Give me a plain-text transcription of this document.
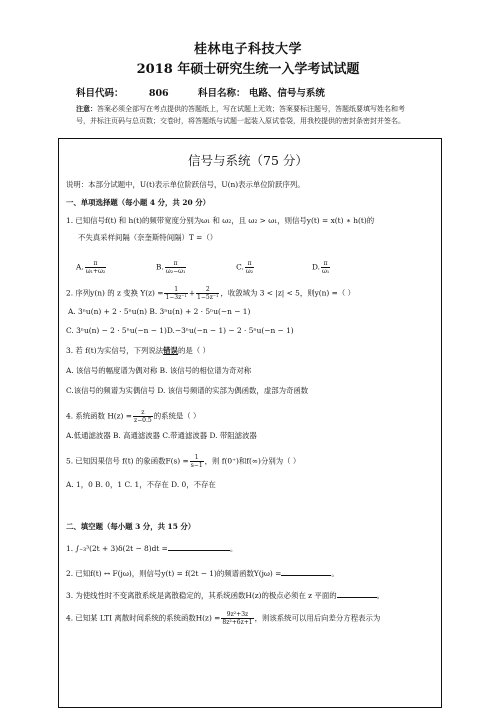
桂林电子科技大学
2018 年硕士研究生统一入学考试试题
科目代码：	806	科目名称： 电路、信号与系统
注意：答案必须全部写在考点提供的答题纸上，写在试题上无效；答案要标注题号，答题纸要填写姓名和考
号，并标注页码与总页数；交卷时，将答题纸与试题一起装入原试卷袋，用我校提供的密封条密封并签名。
信号与系统（75 分）
说明：本部分试题中，U(t)表示单位阶跃信号，U(n)表示单位阶跃序列。
一、单项选择题（每小题 4 分，共 20 分）
1. 已知信号f(t) 和 h(t)的频带宽度分别为ω₁ 和 ω₂，且 ω₂ > ω₁，则信号y(t) = x(t) ∗ h(t)的
不失真采样间隔（奈奎斯特间隔）T =（）
A. $\frac{\pi}{\text{ω₁+ω₂}}$	B. $\frac{\pi}{\text{ω₂−ω₁}}$	C. $\frac{\pi}{\text{ω₂}}$	D. $\frac{\pi}{\text{ω₁}}$
2. 序列y(n) 的 z 变换 $Y(z) = \frac{1}{\text{1−3z⁻¹}} + \frac{2}{\text{1−5z⁻¹}}$ ，收敛域为 3 < |z| < 5，则y(n) =（ ）
A. 3ⁿu(n) + 2 · 5ⁿu(n) B. 3ⁿu(n) + 2 · 5ⁿu(−n − 1)
C. 3ⁿu(n) − 2 · 5ⁿu(−n − 1)D.−3ⁿu(−n − 1) − 2 · 5ⁿu(−n − 1)
3. 若 f(t)为实信号，下列说法错误的是（ ）
A. 该信号的幅度谱为偶对称 B. 该信号的相位谱为奇对称
C.该信号的频谱为实偶信号 D. 该信号频谱的实部为偶函数，虚部为奇函数
4. 系统函数 $H(z) = \frac{z}{z-0.5}$ 的系统是（ ）
A.低通滤波器 B. 高通滤波器 C.带通滤波器 D. 带阻滤波器
5. 已知因果信号 f(t) 的象函数$F(s) = \frac{1}{s-1}$ ，则 f(0⁺)和f(∞)分别为（ ）
A. 1，0 B. 0，1 C. 1，不存在 D. 0，不存在
二、填空题（每小题 3 分，共 15 分）
1. ∫₋₃³(2t + 3)δ(2t − 8)dt =	。
2. 已知f(t) ↔ F(jω)，则信号y(t) = f(2t − 1)的频谱函数Y(jω) =	。
3. 为使线性时不变离散系统是离散稳定的，其系统函数H(z)的极点必须在 z 平面的	。
4. 已知某 LTI 离散时间系统的系统函数$H(z) = \frac{\text{9z²+3z}}{\text{8z²+6z+1}}$ ，则该系统可以用后向差分方程表示为
